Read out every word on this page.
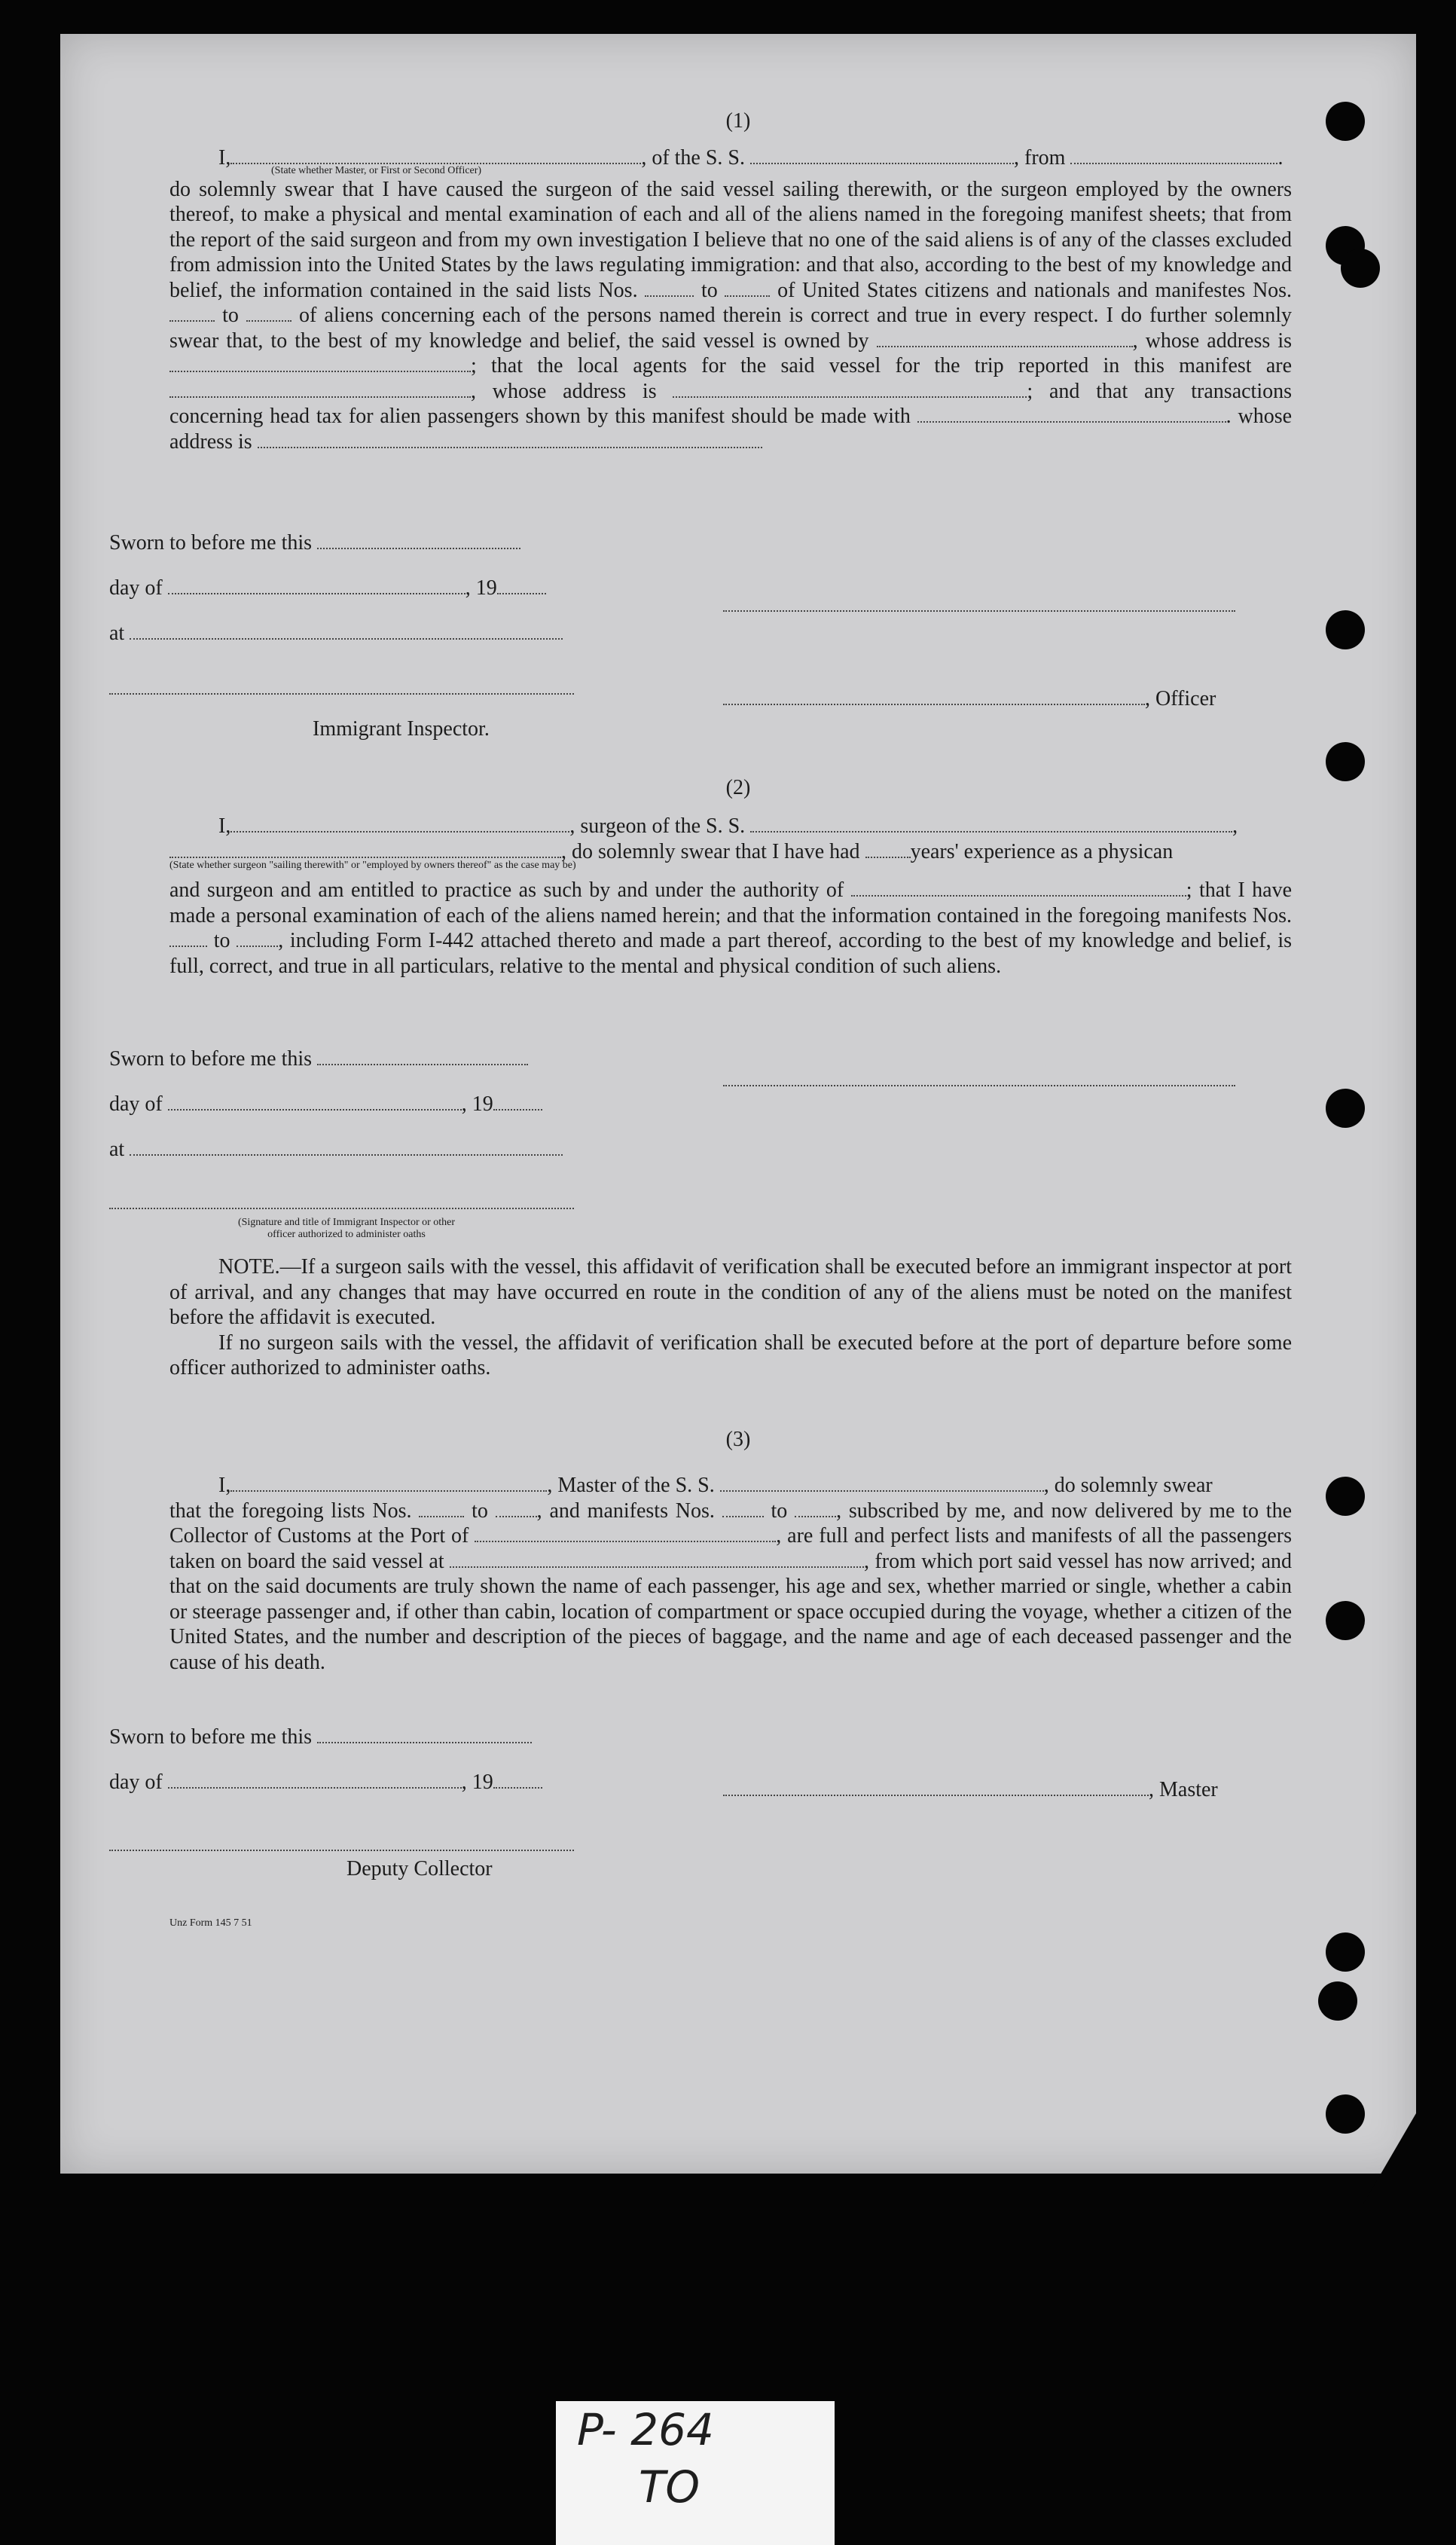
(1)

I,	, of the S. S.	, from	.

(State whether Master, or First or Second Officer)

do solemnly swear that I have caused the surgeon of the said vessel sailing therewith, or the surgeon employed by the owners thereof, to make a physical and mental examination of each and all of the aliens named in the foregoing manifest sheets; that from the report of the said surgeon and from my own investigation I believe that no one of the said aliens is of any of the classes excluded from admission into the United States by the laws regulating immigration: and that also, according to the best of my knowledge and belief, the information contained in the said lists Nos.	to	of United States citizens and nationals and manifestes Nos.  to	of aliens concerning each of the persons named therein is correct and true in every respect. I do further solemnly swear that, to the best of my knowledge and belief, the said vessel is owned by	, whose address is ; that the local agents for the said vessel for the trip reported in this manifest are , whose address is	; and that any transactions concerning head tax for alien passengers shown by this manifest should be made with	. whose address is

Sworn to before me this
day of	, 19
at
, Officer
Immigrant Inspector.
(2)

I,	, surgeon of the S. S.	,

, do solemnly swear that I have had years' experience as a physican

(State whether surgeon "sailing therewith" or "employed by owners thereof" as the case may be)

and surgeon and am entitled to practice as such by and under the authority of	; that I have made a personal examination of each of the aliens named herein; and that the information contained in the foregoing manifests Nos.  to , including Form I-442 attached thereto and made a part thereof, according to the best of my knowledge and belief, is full, correct, and true in all particulars, relative to the mental and physical condition of such aliens.

Sworn to before me this
day of	, 19
at
(Signature and title of Immigrant Inspector or other
officer authorized to administer oaths

NOTE.—If a surgeon sails with the vessel, this affidavit of verification shall be executed before an immigrant inspector at port of arrival, and any changes that may have occurred en route in the condition of any of the aliens must be noted on the manifest before the affidavit is executed.

If no surgeon sails with the vessel, the affidavit of verification shall be executed before at the port of departure before some officer authorized to administer oaths.

(3)

I,	, Master of the S. S.	, do solemnly swear

that the foregoing lists Nos.	to , and manifests Nos.	to , subscribed by me, and now delivered by me to the Collector of Customs at the Port of	, are full and perfect lists and manifests of all the passengers taken on board the said vessel at	, from which port said vessel has now arrived; and that on the said documents are truly shown the name of each passenger, his age and sex, whether married or single, whether a cabin or steerage passenger and, if other than cabin, location of compartment or space occupied during the voyage, whether a citizen of the United States, and the number and description of the pieces of baggage, and the name and age of each deceased passenger and the cause of his death.

Sworn to before me this
day of	, 19	, Master
Deputy Collector
Unz Form 145 7 51
P- 264
TO
